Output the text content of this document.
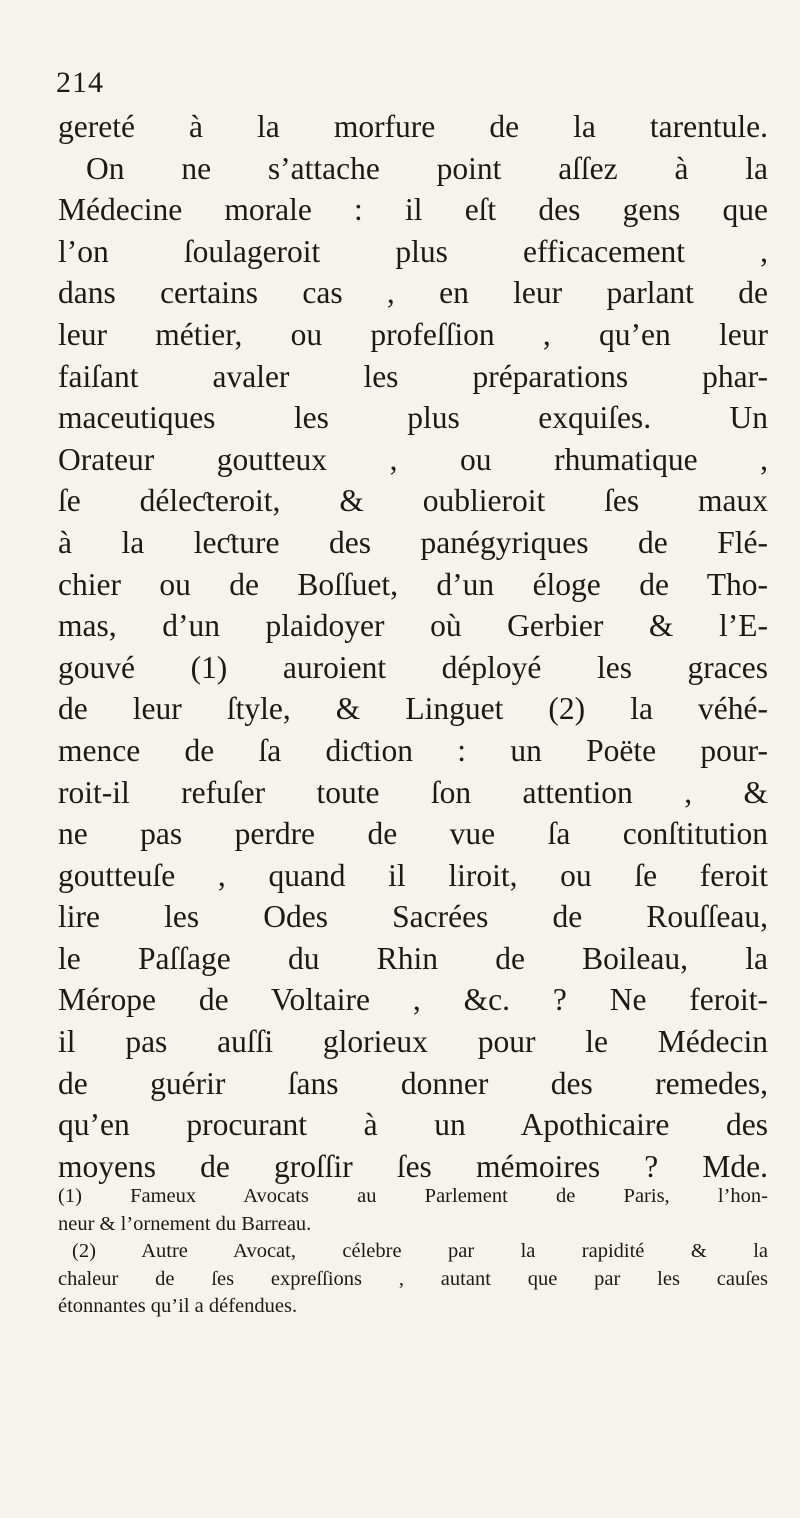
214
gereté à la morfure de la tarentule.
On ne s’attache point aſſez à la
Médecine morale : il eſt des gens que
l’on ſoulageroit plus efficacement ,
dans certains cas , en leur parlant de
leur métier, ou profeſſion , qu’en leur
faiſant avaler les préparations phar-
maceutiques les plus exquiſes. Un
Orateur goutteux , ou rhumatique ,
ſe déleƈteroit, & oublieroit ſes maux
à la leƈture des panégyriques de Flé-
chier ou de Boſſuet, d’un éloge de Tho-
mas, d’un plaidoyer où Gerbier & l’E-
gouvé (1) auroient déployé les graces
de leur ſtyle, & Linguet (2) la véhé-
mence de ſa diƈtion : un Poëte pour-
roit-il refuſer toute ſon attention , &
ne pas perdre de vue ſa conſtitution
goutteuſe , quand il liroit, ou ſe feroit
lire les Odes Sacrées de Rouſſeau,
le Paſſage du Rhin de Boileau, la
Mérope de Voltaire , &c. ? Ne feroit-
il pas auſſi glorieux pour le Médecin
de guérir ſans donner des remedes,
qu’en procurant à un Apothicaire des
moyens de groſſir ſes mémoires ? Mde.
(1) Fameux Avocats au Parlement de Paris, l’hon-
neur & l’ornement du Barreau.
(2) Autre Avocat, célebre par la rapidité & la
chaleur de ſes expreſſions , autant que par les cauſes
étonnantes qu’il a défendues.
